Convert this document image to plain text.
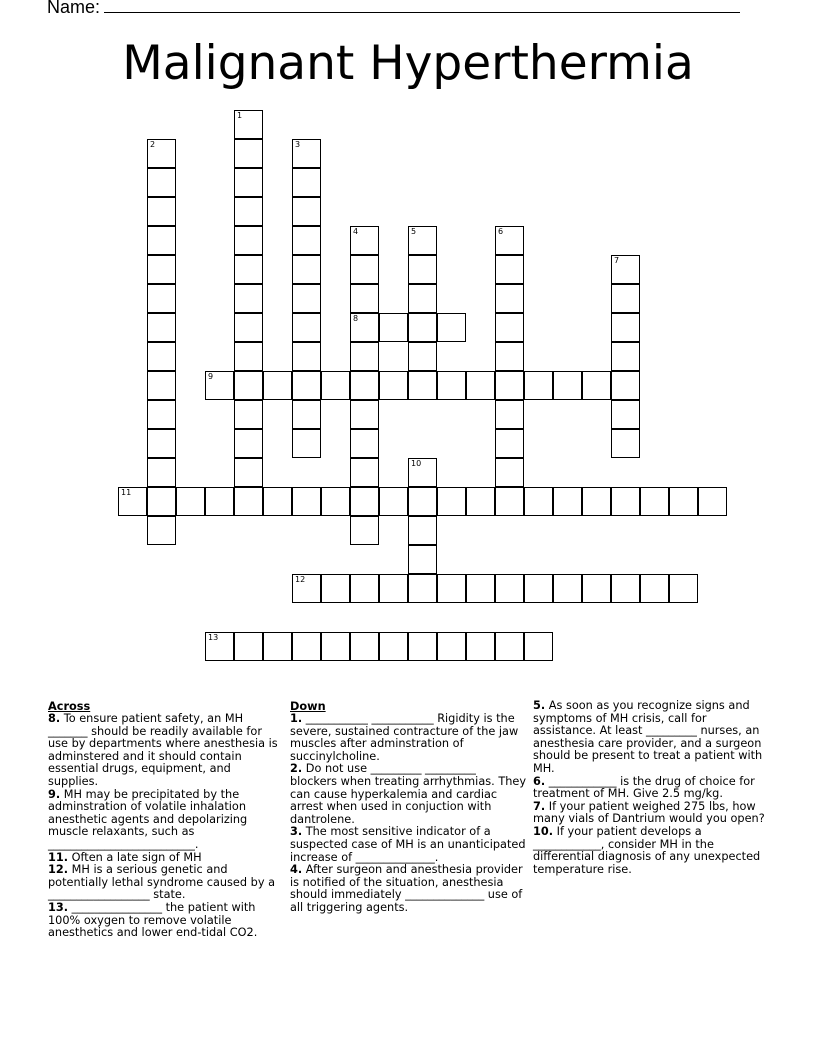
Name:
Malignant Hyperthermia
1
2	3
4
8
5	6
7
9
10
11
12
13
Across

8. To ensure patient safety, an MH _______ should be readily available for use by departments where anesthesia is adminstered and it should contain essential drugs, equipment, and supplies.

9. MH may be precipitated by the adminstration of volatile inhalation anesthetic agents and depolarizing muscle relaxants, such as __________________________.

11. Often a late sign of MH

12. MH is a serious genetic and potentially lethal syndrome caused by a __________________ state.

13. ________________ the patient with 100% oxygen to remove volatile anesthetics and lower end-tidal CO2.

Down

1. ___________ ___________ Rigidity is the severe, sustained contracture of the jaw muscles after adminstration of succinylcholine.

2. Do not use _________ _________ blockers when treating arrhythmias. They can cause hyperkalemia and cardiac arrest when used in conjuction with dantrolene.

3. The most sensitive indicator of a suspected case of MH is an unanticipated increase of ______________.

4. After surgeon and anesthesia provider is notified of the situation, anesthesia should immediately ______________ use of all triggering agents.

5. As soon as you recognize signs and symptoms of MH crisis, call for assistance. At least _________ nurses, an anesthesia care provider, and a surgeon should be present to treat a patient with MH.

6. ____________ is the drug of choice for treatment of MH. Give 2.5 mg/kg.

7. If your patient weighed 275 lbs, how many vials of Dantrium would you open?

10. If your patient develops a ____________, consider MH in the differential diagnosis of any unexpected temperature rise.
